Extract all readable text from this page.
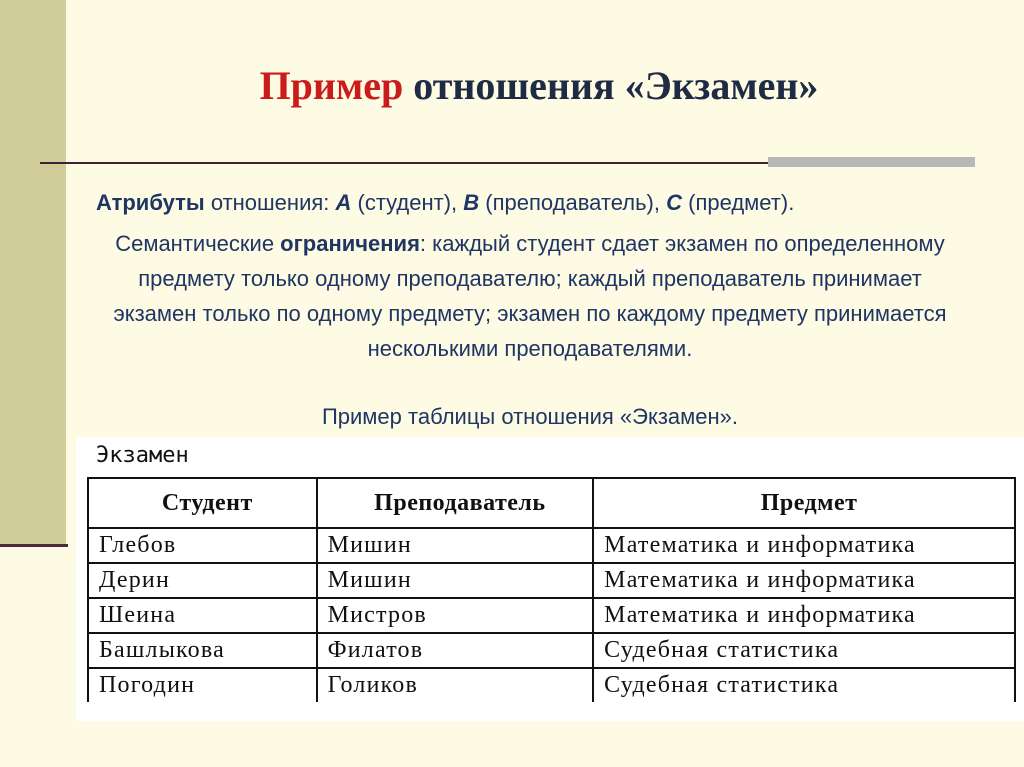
Пример отношения «Экзамен»
Атрибуты отношения: А (студент), В (преподаватель), С (предмет).
Семантические ограничения: каждый студент сдает экзамен по определенному предмету только одному преподавателю; каждый преподаватель принимает экзамен только по одному предмету; экзамен по каждому предмету принимается несколькими преподавателями.
Пример таблицы отношения «Экзамен».
Экзамен
Студент	Преподаватель	Предмет
Глебов	Мишин	Математика и информатика
Дерин	Мишин	Математика и информатика
Шеина	Мистров	Математика и информатика
Башлыкова	Филатов	Судебная статистика
Погодин	Голиков	Судебная статистика
